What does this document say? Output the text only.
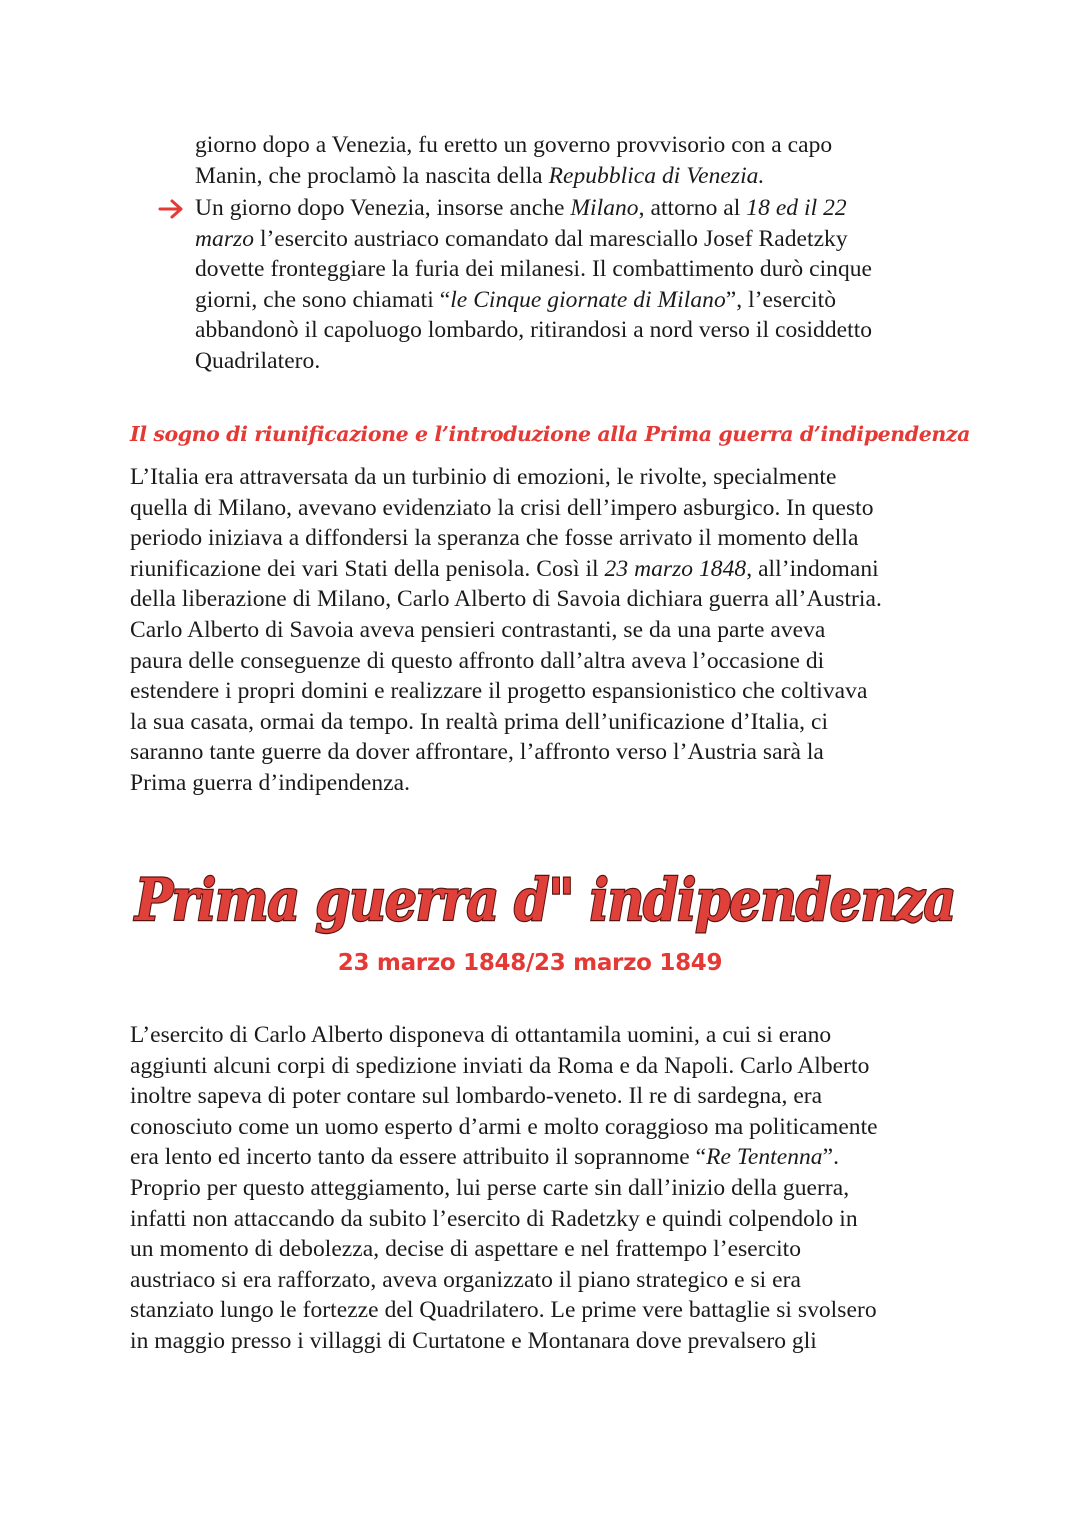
giorno dopo a Venezia, fu eretto un governo provvisorio con a capo
Manin, che proclamò la nascita della Repubblica di Venezia.
Un giorno dopo Venezia, insorse anche Milano, attorno al 18 ed il 22
marzo l’esercito austriaco comandato dal maresciallo Josef Radetzky
dovette fronteggiare la furia dei milanesi. Il combattimento durò cinque
giorni, che sono chiamati “le Cinque giornate di Milano”, l’esercitò
abbandonò il capoluogo lombardo, ritirandosi a nord verso il cosiddetto
Quadrilatero.
Il sogno di riunificazione e l’introduzione alla Prima guerra d’indipendenza
L’Italia era attraversata da un turbinio di emozioni, le rivolte, specialmente
quella di Milano, avevano evidenziato la crisi dell’impero asburgico. In questo
periodo iniziava a diffondersi la speranza che fosse arrivato il momento della
riunificazione dei vari Stati della penisola. Così il 23 marzo 1848, all’indomani
della liberazione di Milano, Carlo Alberto di Savoia dichiara guerra all’Austria.
Carlo Alberto di Savoia aveva pensieri contrastanti, se da una parte aveva
paura delle conseguenze di questo affronto dall’altra aveva l’occasione di
estendere i propri domini e realizzare il progetto espansionistico che coltivava
la sua casata, ormai da tempo. In realtà prima dell’unificazione d’Italia, ci
saranno tante guerre da dover affrontare, l’affronto verso l’Austria sarà la
Prima guerra d’indipendenza.
Prima guerra d" indipendenza
23 marzo 1848/23 marzo 1849
L’esercito di Carlo Alberto disponeva di ottantamila uomini, a cui si erano
aggiunti alcuni corpi di spedizione inviati da Roma e da Napoli. Carlo Alberto
inoltre sapeva di poter contare sul lombardo-veneto. Il re di sardegna, era
conosciuto come un uomo esperto d’armi e molto coraggioso ma politicamente
era lento ed incerto tanto da essere attribuito il soprannome “Re Tentenna”.
Proprio per questo atteggiamento, lui perse carte sin dall’inizio della guerra,
infatti non attaccando da subito l’esercito di Radetzky e quindi colpendolo in
un momento di debolezza, decise di aspettare e nel frattempo l’esercito
austriaco si era rafforzato, aveva organizzato il piano strategico e si era
stanziato lungo le fortezze del Quadrilatero. Le prime vere battaglie si svolsero
in maggio presso i villaggi di Curtatone e Montanara dove prevalsero gli
